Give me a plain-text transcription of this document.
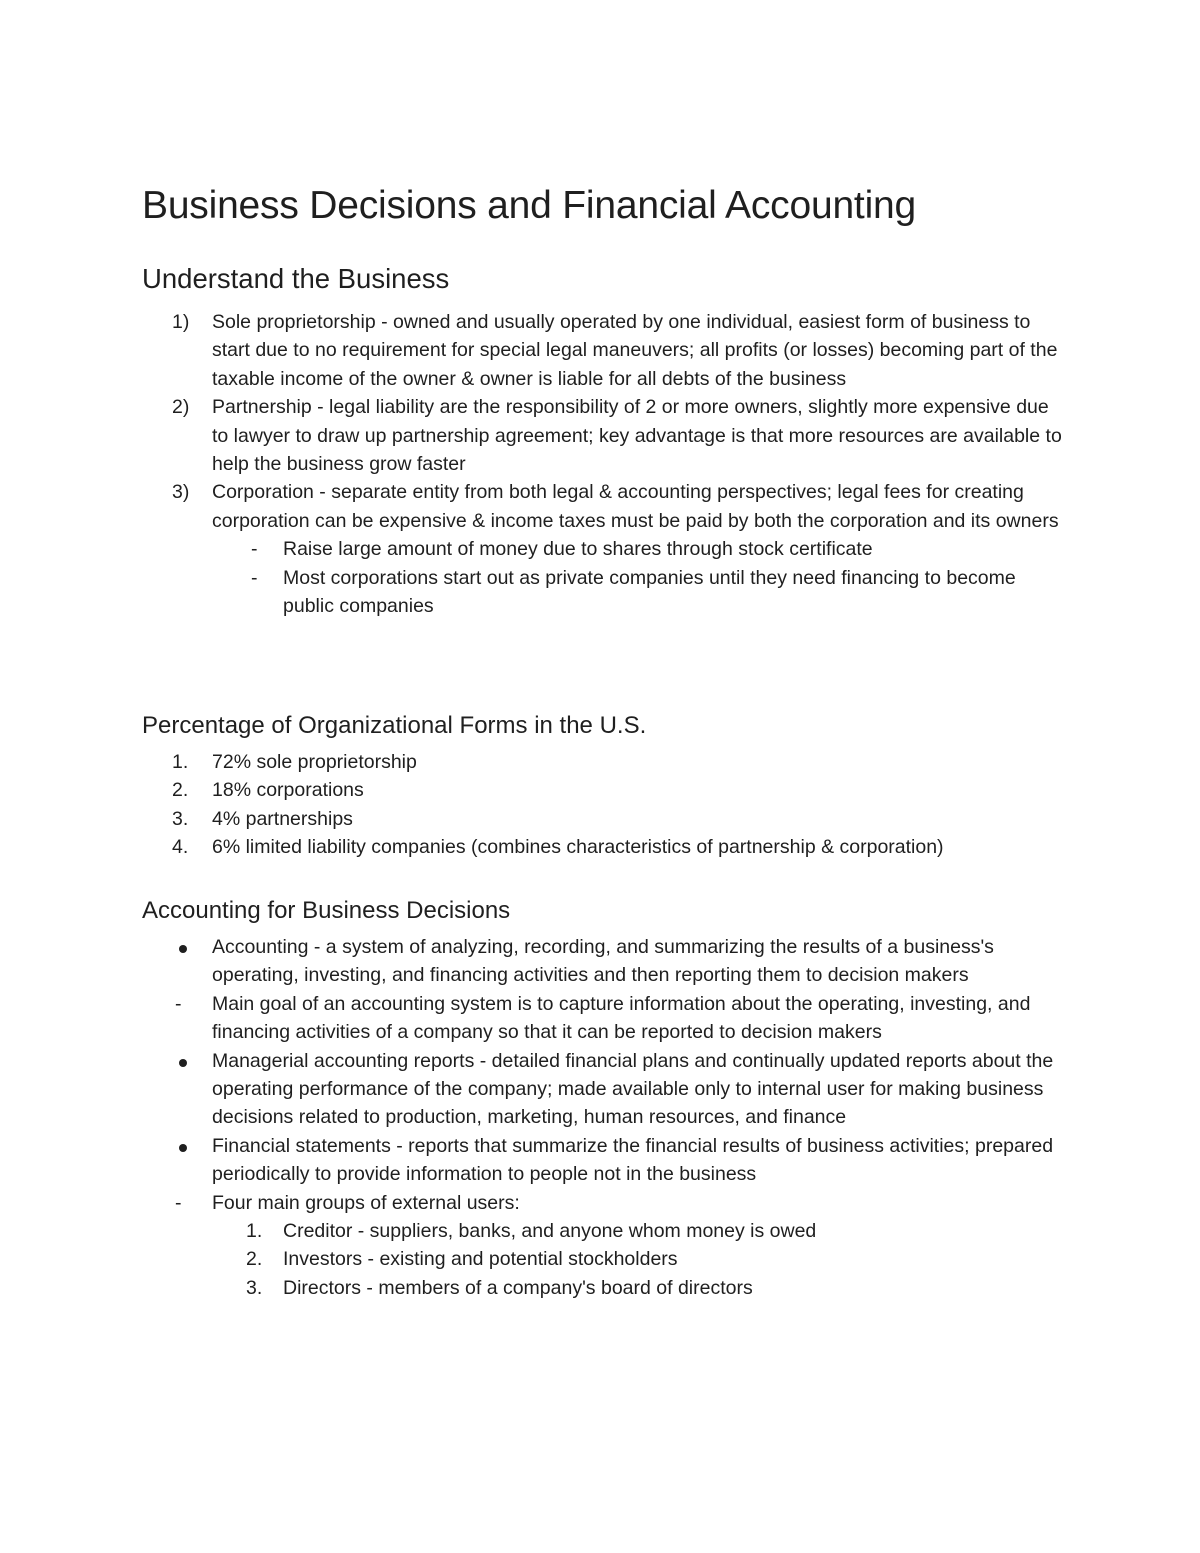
Business Decisions and Financial Accounting
Understand the Business
1) Sole proprietorship - owned and usually operated by one individual, easiest form of business to start due to no requirement for special legal maneuvers; all profits (or losses) becoming part of the taxable income of the owner & owner is liable for all debts of the business
2) Partnership - legal liability are the responsibility of 2 or more owners, slightly more expensive due to lawyer to draw up partnership agreement; key advantage is that more resources are available to help the business grow faster
3) Corporation - separate entity from both legal & accounting perspectives; legal fees for creating corporation can be expensive & income taxes must be paid by both the corporation and its owners
- Raise large amount of money due to shares through stock certificate
- Most corporations start out as private companies until they need financing to become public companies
Percentage of Organizational Forms in the U.S.
1. 72% sole proprietorship
2. 18% corporations
3. 4% partnerships
4. 6% limited liability companies (combines characteristics of partnership & corporation)
Accounting for Business Decisions
Accounting - a system of analyzing, recording, and summarizing the results of a business's operating, investing, and financing activities and then reporting them to decision makers
- Main goal of an accounting system is to capture information about the operating, investing, and financing activities of a company so that it can be reported to decision makers
Managerial accounting reports - detailed financial plans and continually updated reports about the operating performance of the company; made available only to internal user for making business decisions related to production, marketing, human resources, and finance
Financial statements - reports that summarize the financial results of business activities; prepared periodically to provide information to people not in the business
- Four main groups of external users:
1. Creditor - suppliers, banks, and anyone whom money is owed
2. Investors - existing and potential stockholders
3. Directors - members of a company's board of directors
